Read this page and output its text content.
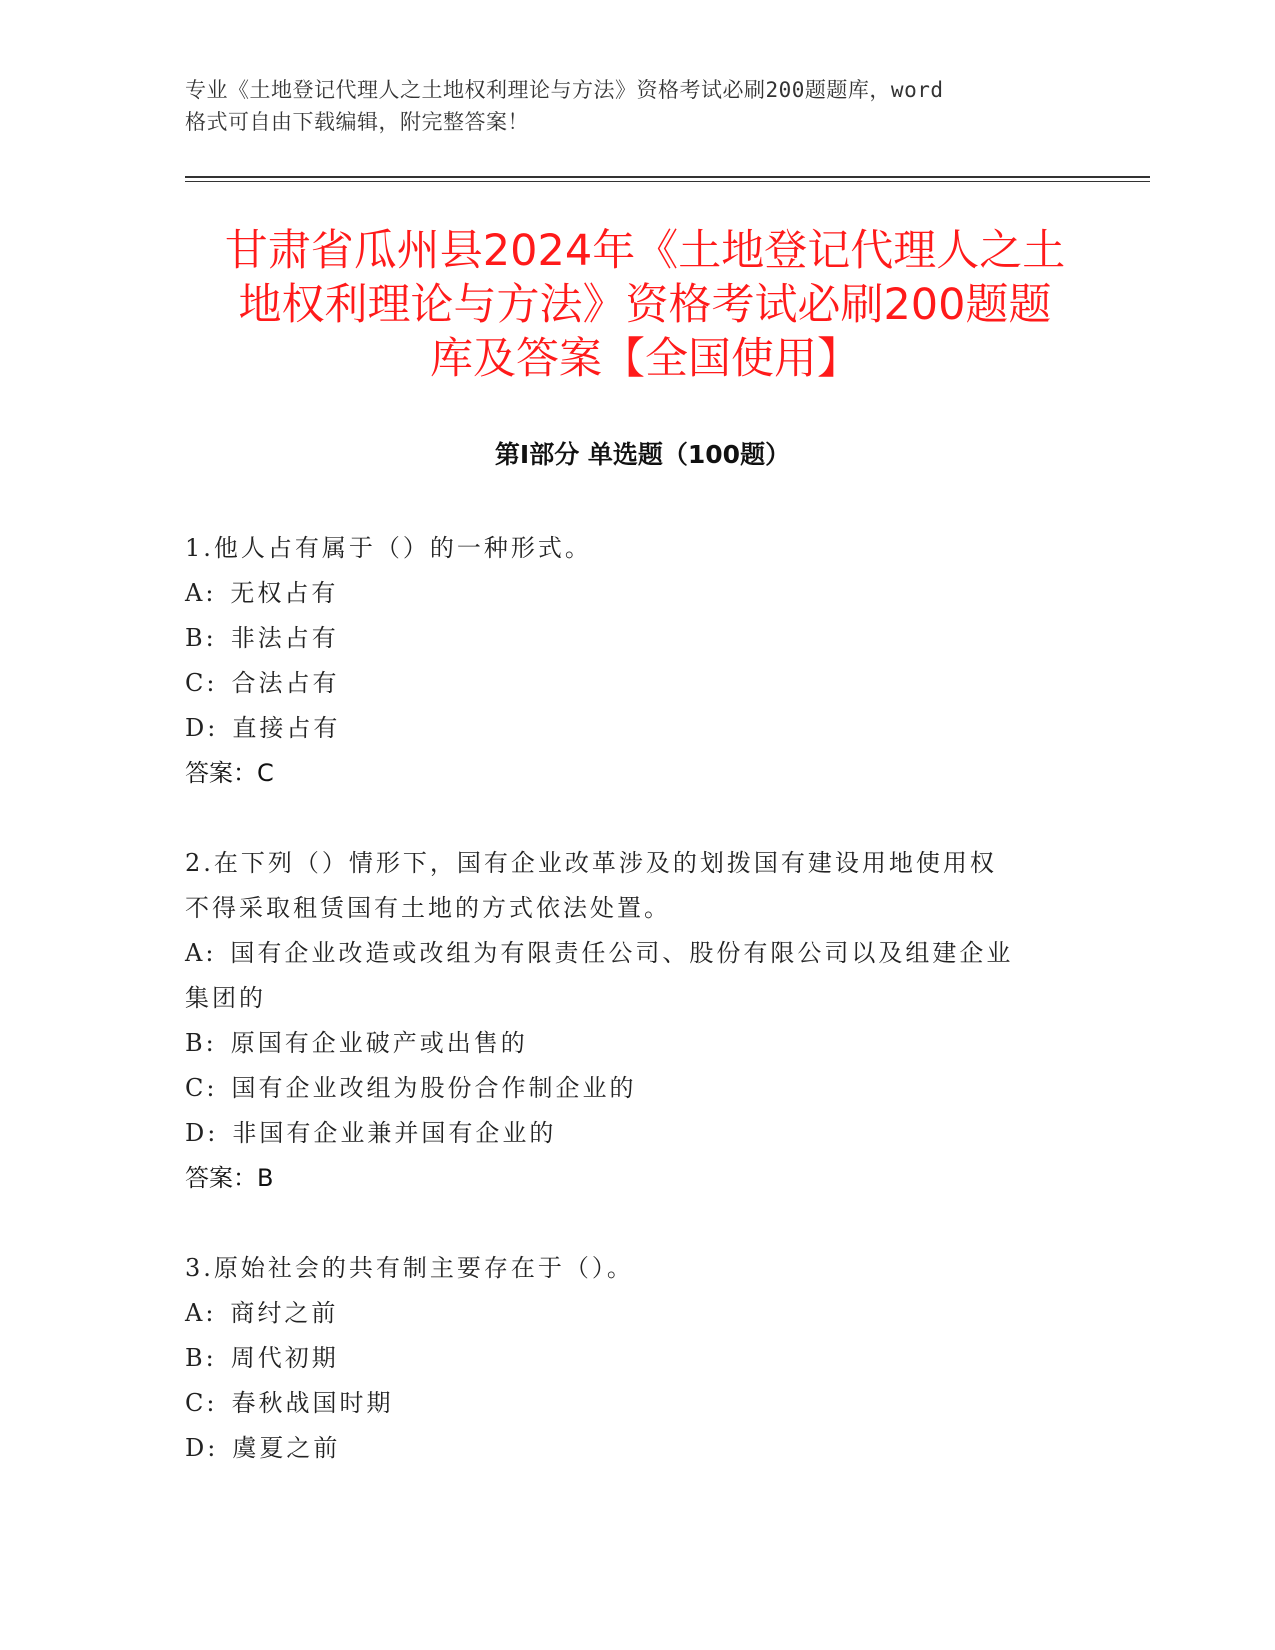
专业《土地登记代理人之土地权利理论与方法》资格考试必刷200题题库，word
格式可自由下载编辑，附完整答案！
甘肃省瓜州县2024年《土地登记代理人之土
地权利理论与方法》资格考试必刷200题题
库及答案【全国使用】
第Ⅰ部分 单选题（100题）
1.他人占有属于（）的一种形式。
A: 无权占有
B: 非法占有
C: 合法占有
D: 直接占有
答案：C
2.在下列（）情形下，国有企业改革涉及的划拨国有建设用地使用权
不得采取租赁国有土地的方式依法处置。
A: 国有企业改造或改组为有限责任公司、股份有限公司以及组建企业
集团的
B: 原国有企业破产或出售的
C: 国有企业改组为股份合作制企业的
D: 非国有企业兼并国有企业的
答案：B
3.原始社会的共有制主要存在于（）。
A: 商纣之前
B: 周代初期
C: 春秋战国时期
D: 虞夏之前
